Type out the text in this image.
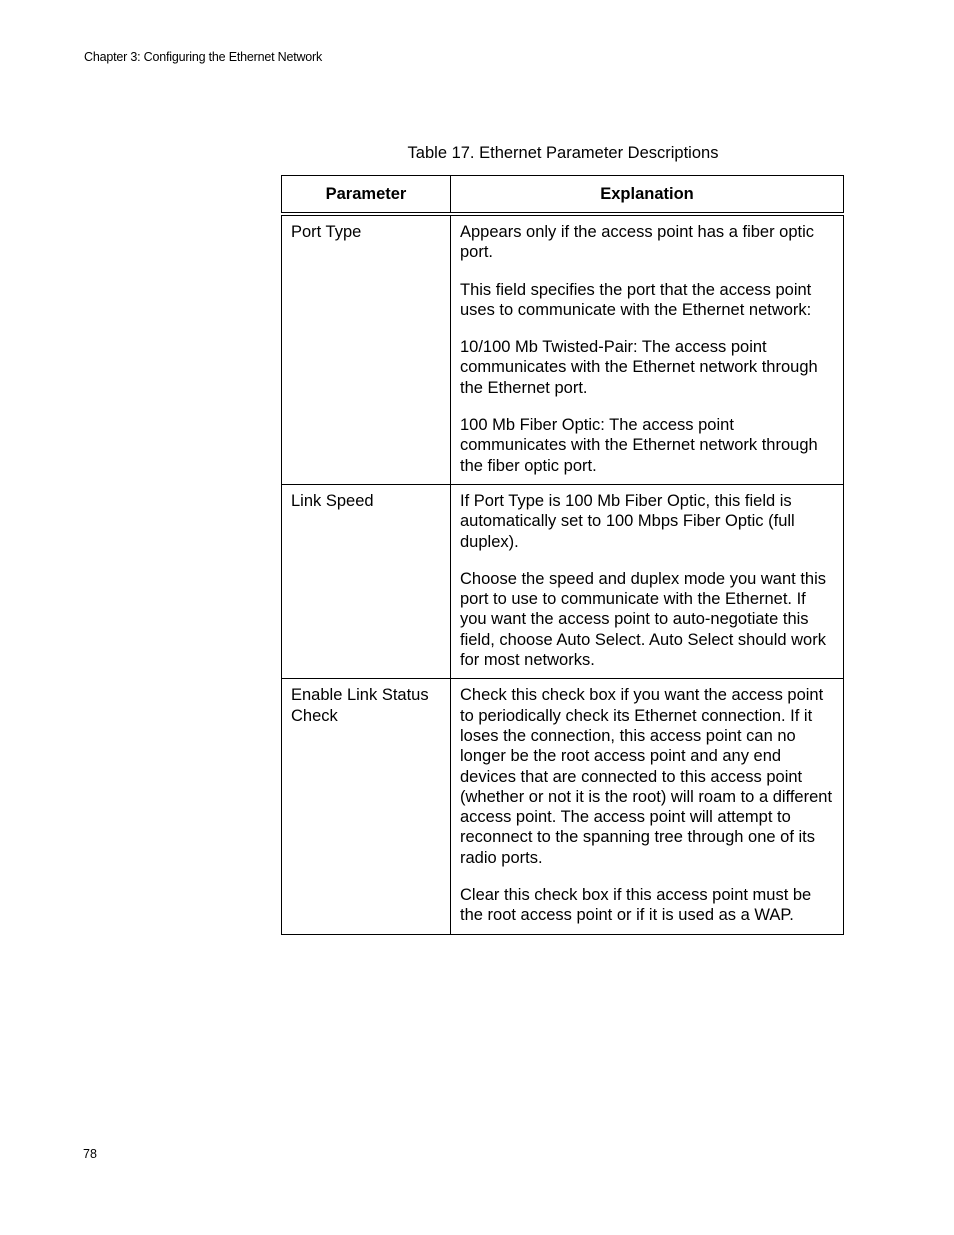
Chapter 3: Configuring the Ethernet Network
Table 17. Ethernet Parameter Descriptions
Parameter	Explanation
Port Type	Appears only if the access point has a fiber optic port.

This field specifies the port that the access point uses to communicate with the Ethernet network:

10/100 Mb Twisted-Pair: The access point communicates with the Ethernet network through the Ethernet port.

100 Mb Fiber Optic: The access point communicates with the Ethernet network through the fiber optic port.

Link Speed	If Port Type is 100 Mb Fiber Optic, this field is automatically set to 100 Mbps Fiber Optic (full duplex).

Choose the speed and duplex mode you want this port to use to communicate with the Ethernet. If you want the access point to auto-negotiate this field, choose Auto Select. Auto Select should work for most networks.

Enable Link Status Check	Check this check box if you want the access point to periodically check its Ethernet connection. If it loses the connection, this access point can no longer be the root access point and any end devices that are connected to this access point (whether or not it is the root) will roam to a different access point. The access point will attempt to reconnect to the spanning tree through one of its radio ports.

Clear this check box if this access point must be the root access point or if it is used as a WAP.

78
